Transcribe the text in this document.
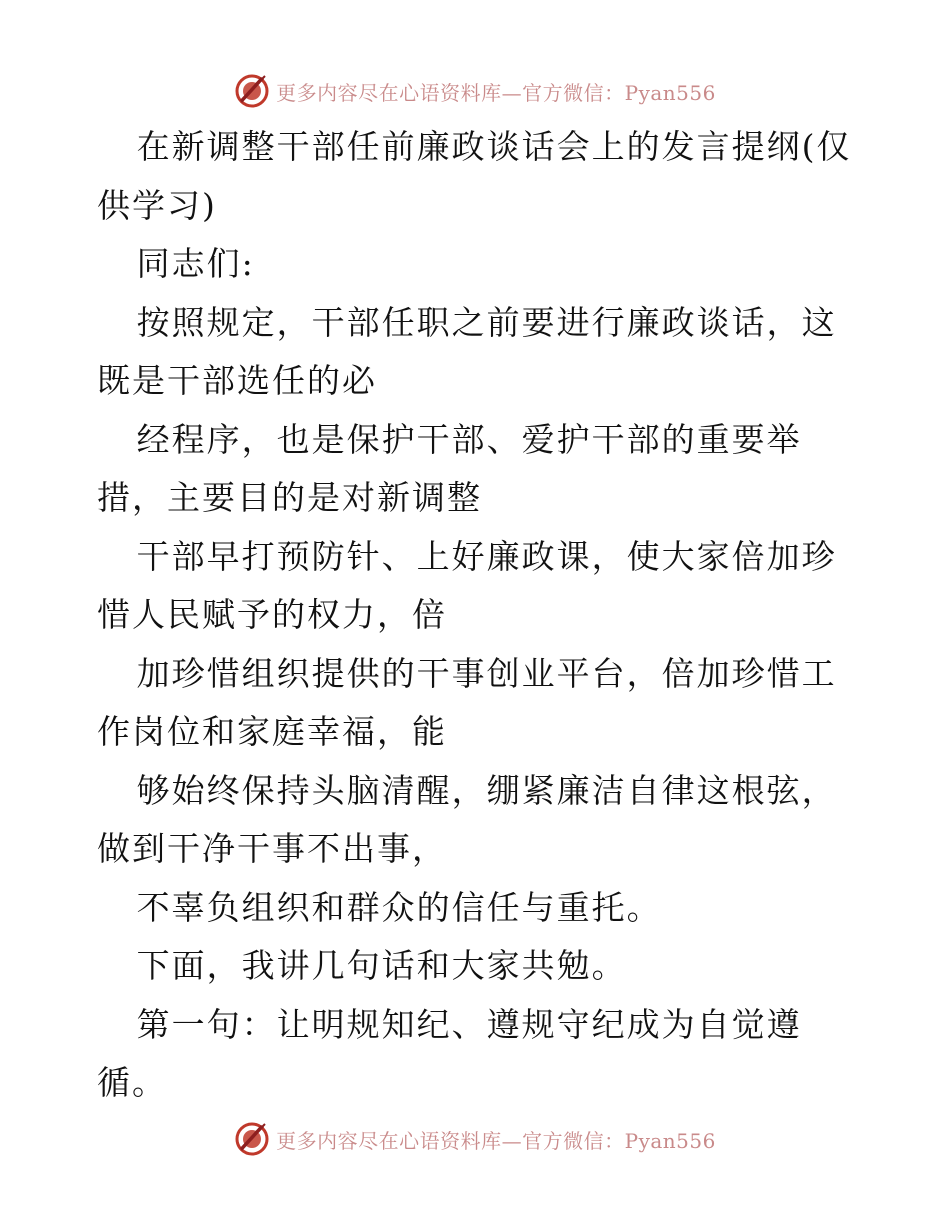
更多内容尽在心语资料库—官方微信：Pyan556

在新调整干部任前廉政谈话会上的发言提纲(仅供学习)

同志们:

按照规定，干部任职之前要进行廉政谈话，这既是干部选任的必

经程序，也是保护干部、爱护干部的重要举措，主要目的是对新调整

干部早打预防针、上好廉政课，使大家倍加珍惜人民赋予的权力，倍

加珍惜组织提供的干事创业平台，倍加珍惜工作岗位和家庭幸福，能

够始终保持头脑清醒，绷紧廉洁自律这根弦，做到干净干事不出事，

不辜负组织和群众的信任与重托。

下面，我讲几句话和大家共勉。

第一句：让明规知纪、遵规守纪成为自觉遵循。

更多内容尽在心语资料库—官方微信：Pyan556
